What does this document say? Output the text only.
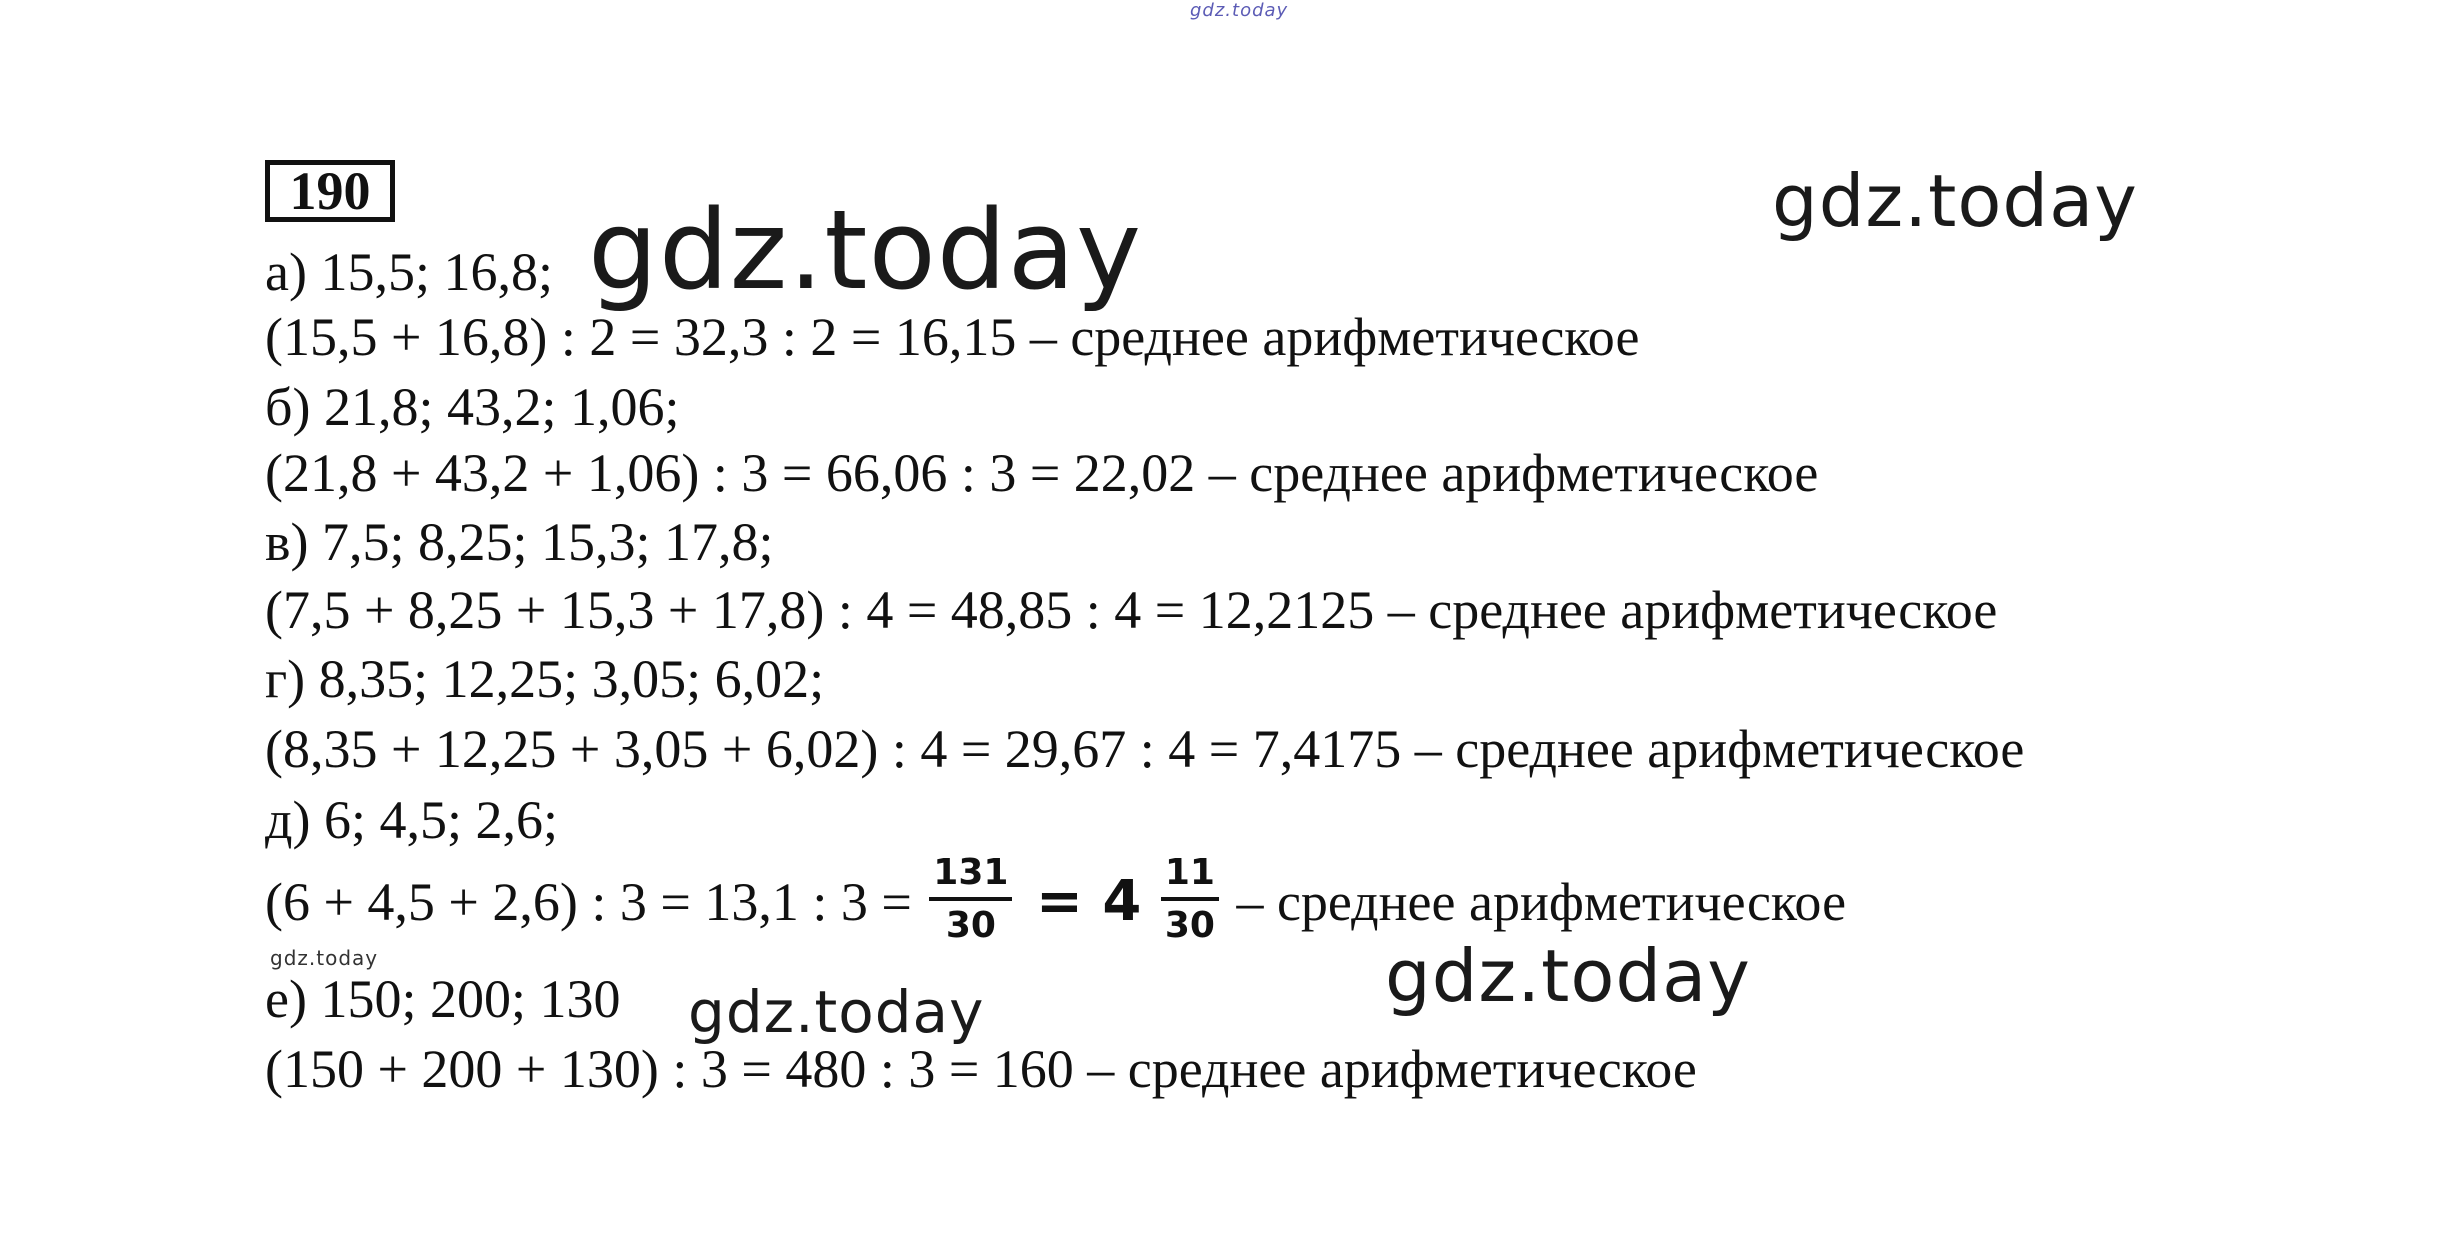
gdz.today
gdz.today
190
а) 15,5; 16,8;
(15,5 + 16,8) : 2 = 32,3 : 2 = 16,15 – среднее арифметическое
б) 21,8; 43,2; 1,06;
(21,8 + 43,2 + 1,06) : 3 = 66,06 : 3 = 22,02 – среднее арифметическое
в) 7,5; 8,25; 15,3; 17,8;
(7,5 + 8,25 + 15,3 + 17,8) : 4 = 48,85 : 4 = 12,2125 – среднее арифметическое
г) 8,35; 12,25; 3,05; 6,02;
(8,35 + 12,25 + 3,05 + 6,02) : 4 = 29,67 : 4 = 7,4175 – среднее арифметическое
д) 6; 4,5; 2,6;
(6 + 4,5 + 2,6) : 3 = 13,1 : $3 = \frac{131}{30} = 4 \frac{11}{30}$ – среднее арифметическое
е) 150; 200; 130
(150 + 200 + 130) : 3 = 480 : 3 = 160 – среднее арифметическое
gdz.today
gdz.today
gdz.today
gdz.today
